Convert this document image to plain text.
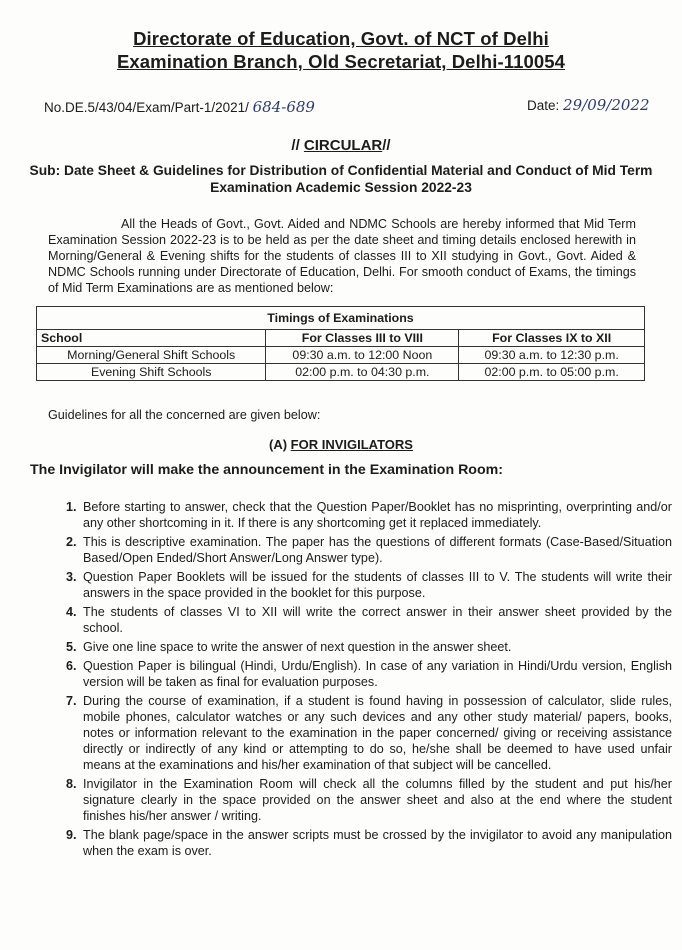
Directorate of Education, Govt. of NCT of Delhi
Examination Branch, Old Secretariat, Delhi-110054
No.DE.5/43/04/Exam/Part-1/2021/ 684-689	Date: 29/09/2022
// CIRCULAR//
Sub: Date Sheet & Guidelines for Distribution of Confidential Material and Conduct of Mid Term Examination Academic Session 2022-23
All the Heads of Govt., Govt. Aided and NDMC Schools are hereby informed that Mid Term Examination Session 2022-23 is to be held as per the date sheet and timing details enclosed herewith in Morning/General & Evening shifts for the students of classes III to XII studying in Govt., Govt. Aided & NDMC Schools running under Directorate of Education, Delhi. For smooth conduct of Exams, the timings of Mid Term Examinations are as mentioned below:
Timings of Examinations		
School	For Classes III to VIII	For Classes IX to XII
Morning/General Shift Schools	09:30 a.m. to 12:00 Noon	09:30 a.m. to 12:30 p.m.
Evening Shift Schools	02:00 p.m. to 04:30 p.m.	02:00 p.m. to 05:00 p.m.
Guidelines for all the concerned are given below:
(A) FOR INVIGILATORS
The Invigilator will make the announcement in the Examination Room:
1. Before starting to answer, check that the Question Paper/Booklet has no misprinting, overprinting and/or any other shortcoming in it. If there is any shortcoming get it replaced immediately.
2. This is descriptive examination. The paper has the questions of different formats (Case-Based/Situation Based/Open Ended/Short Answer/Long Answer type).
3. Question Paper Booklets will be issued for the students of classes III to V. The students will write their answers in the space provided in the booklet for this purpose.
4. The students of classes VI to XII will write the correct answer in their answer sheet provided by the school.
5. Give one line space to write the answer of next question in the answer sheet.
6. Question Paper is bilingual (Hindi, Urdu/English). In case of any variation in Hindi/Urdu version, English version will be taken as final for evaluation purposes.
7. During the course of examination, if a student is found having in possession of calculator, slide rules, mobile phones, calculator watches or any such devices and any other study material/ papers, books, notes or information relevant to the examination in the paper concerned/ giving or receiving assistance directly or indirectly of any kind or attempting to do so, he/she shall be deemed to have used unfair means at the examinations and his/her examination of that subject will be cancelled.
8. Invigilator in the Examination Room will check all the columns filled by the student and put his/her signature clearly in the space provided on the answer sheet and also at the end where the student finishes his/her answer / writing.
9. The blank page/space in the answer scripts must be crossed by the invigilator to avoid any manipulation when the exam is over.
